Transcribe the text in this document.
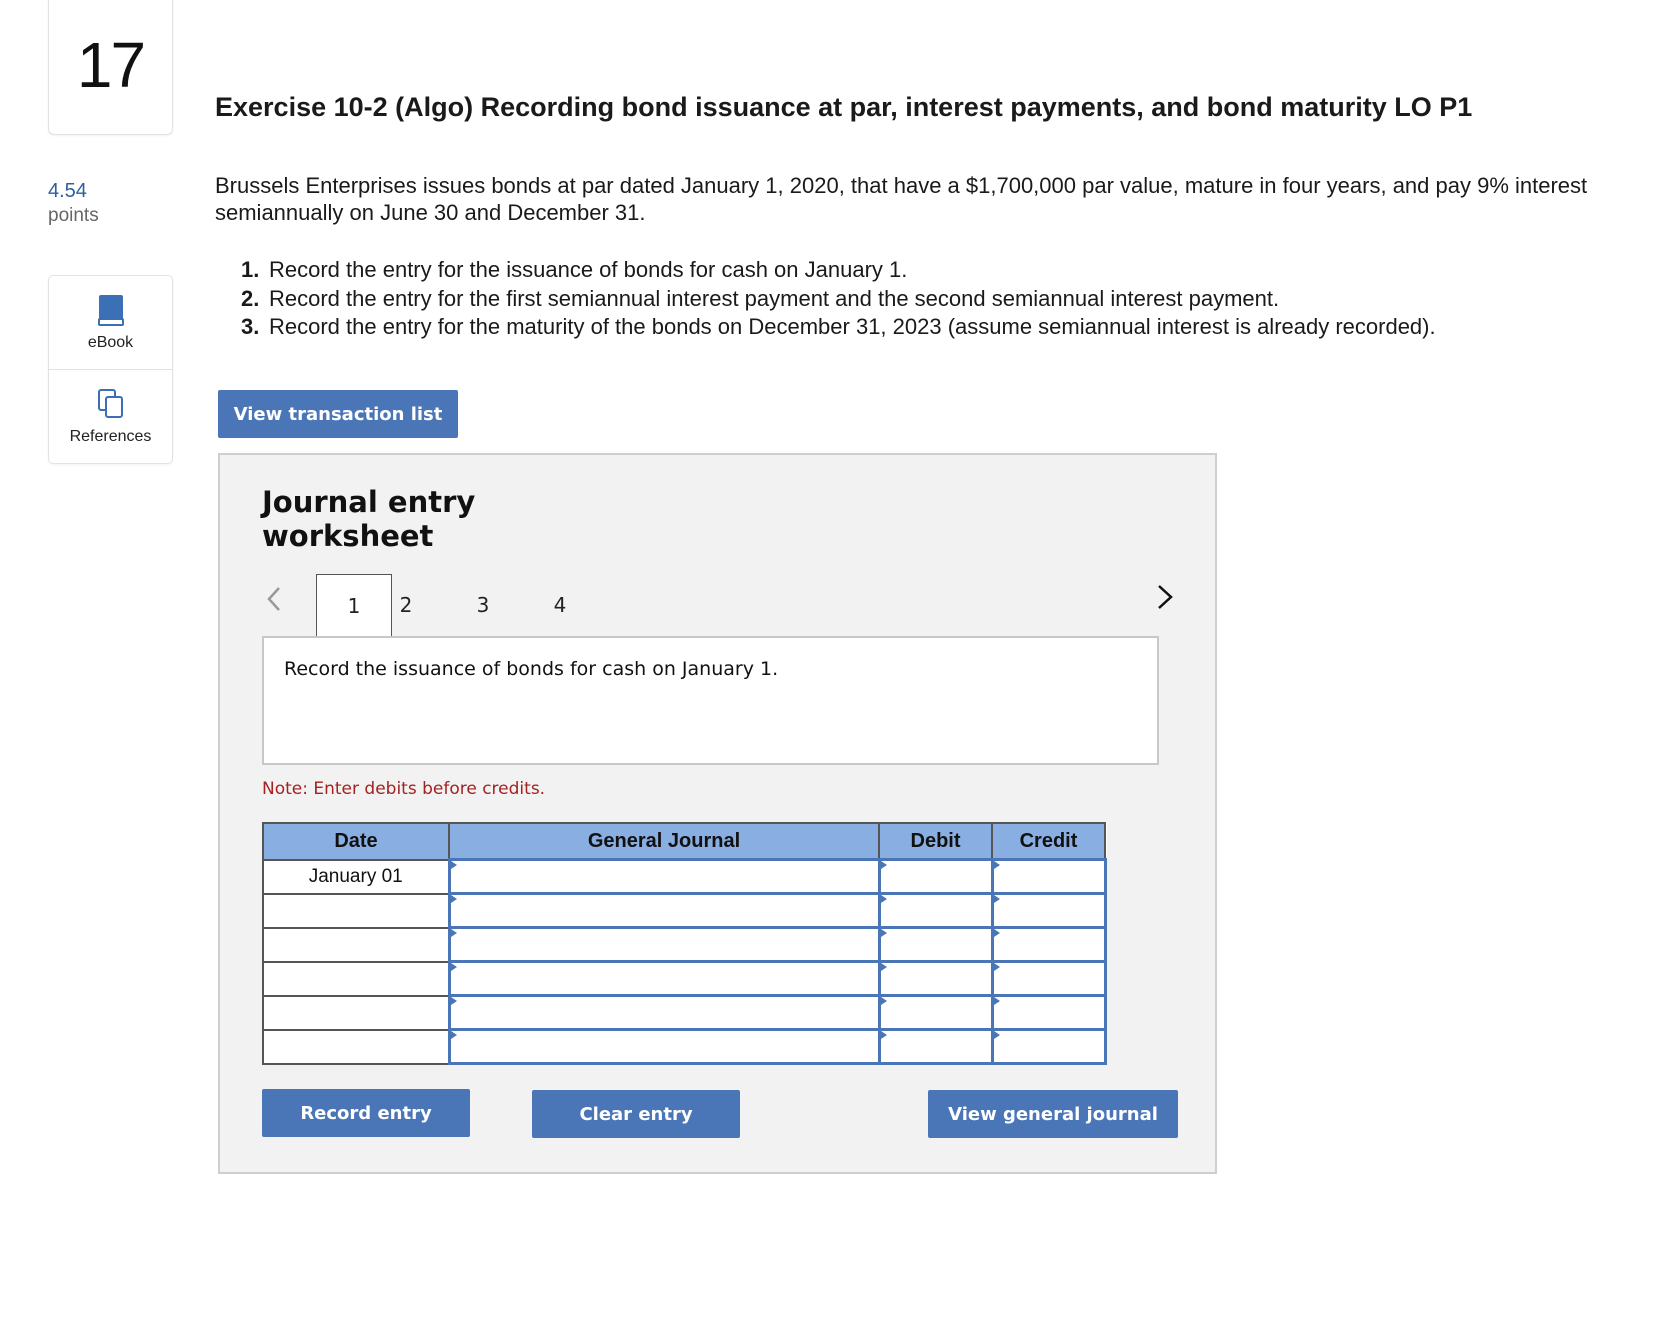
17
4.54
points
eBook
References
Exercise 10-2 (Algo) Recording bond issuance at par, interest payments, and bond maturity LO P1
Brussels Enterprises issues bonds at par dated January 1, 2020, that have a $1,700,000 par value, mature in four years, and pay 9% interest semiannually on June 30 and December 31.
1. Record the entry for the issuance of bonds for cash on January 1.
2. Record the entry for the first semiannual interest payment and the second semiannual interest payment.
3. Record the entry for the maturity of the bonds on December 31, 2023 (assume semiannual interest is already recorded).
View transaction list
Journal entry
worksheet
1	2	3	4
Record the issuance of bonds for cash on January 1.
Note: Enter debits before credits.
Date	General Journal	Debit	Credit
January 01			

Record entry	Clear entry	View general journal
